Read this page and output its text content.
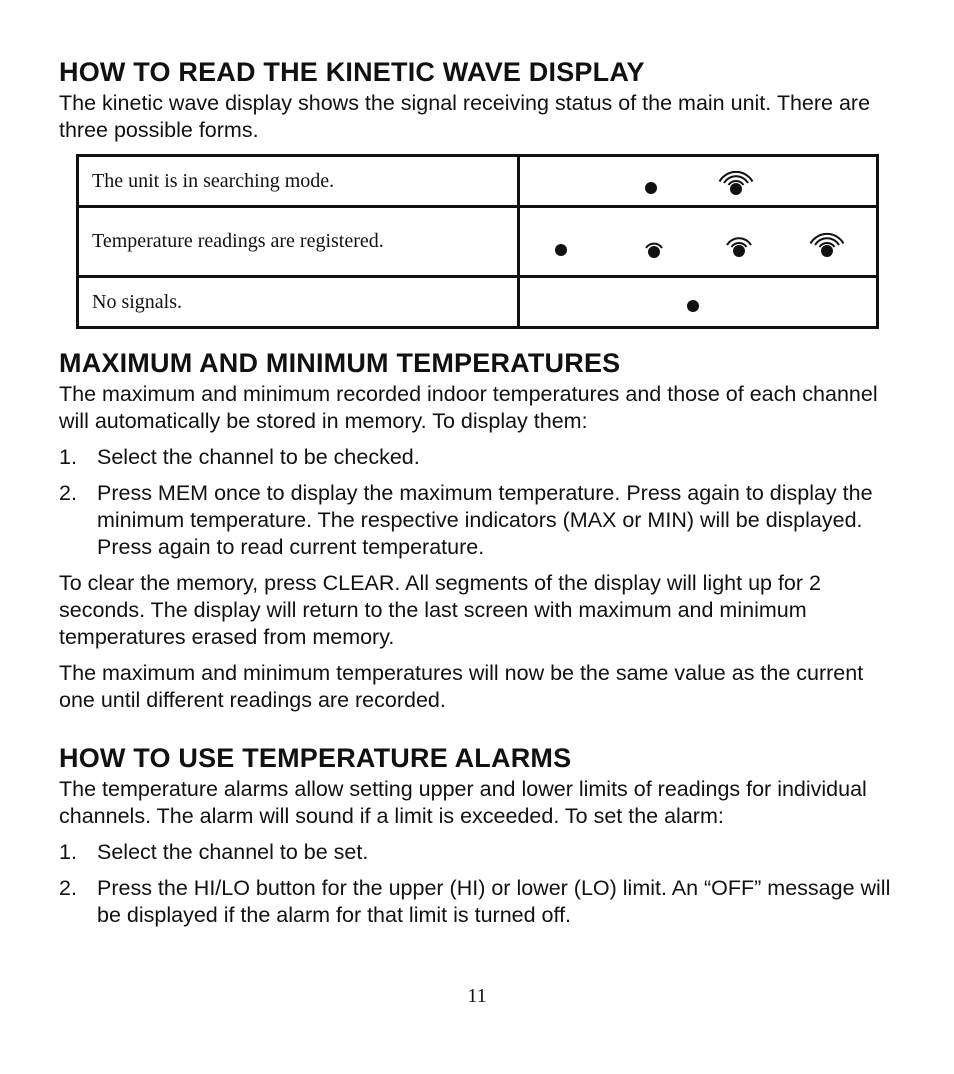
HOW TO READ THE KINETIC WAVE DISPLAY

The kinetic wave display shows the signal receiving status of the main unit. There are three possible forms.

The unit is in searching mode.	

Temperature readings are registered.	

No signals.	
MAXIMUM AND MINIMUM TEMPERATURES

The maximum and minimum recorded indoor temperatures and those of each channel will automatically be stored in memory. To display them:

1. Select the channel to be checked.
2. Press MEM once to display the maximum temperature. Press again to display the minimum temperature. The respective indicators (MAX or MIN) will be displayed. Press again to read current temperature.

To clear the memory, press CLEAR. All segments of the display will light up for 2 seconds. The display will return to the last screen with maximum and minimum temperatures erased from memory.

The maximum and minimum temperatures will now be the same value as the current one until different readings are recorded.

HOW TO USE TEMPERATURE ALARMS

The temperature alarms allow setting upper and lower limits of readings for individual channels. The alarm will sound if a limit is exceeded. To set the alarm:

1. Select the channel to be set.
2. Press the HI/LO button for the upper (HI) or lower (LO) limit. An “OFF” message will be displayed if the alarm for that limit is turned off.
11
